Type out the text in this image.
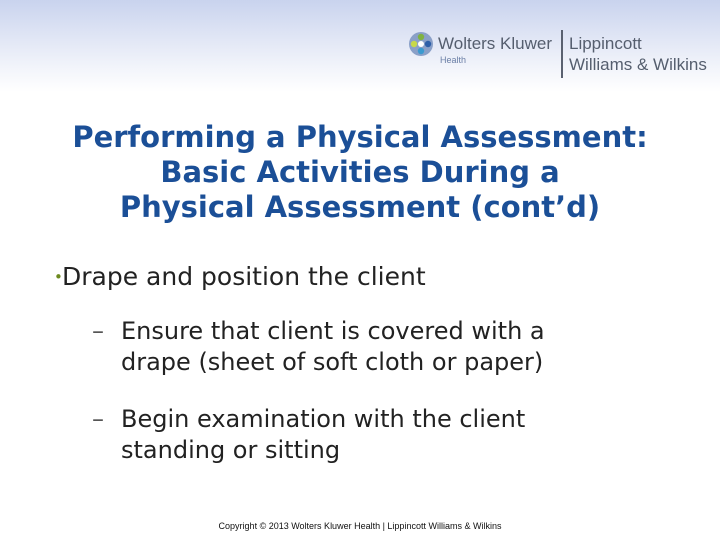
Wolters Kluwer
Health
Lippincott
Williams & Wilkins
Performing a Physical Assessment:
Basic Activities During a
Physical Assessment (cont’d)
• Drape and position the client
– Ensure that client is covered with a
drape (sheet of soft cloth or paper)
– Begin examination with the client
standing or sitting
Copyright © 2013 Wolters Kluwer Health | Lippincott Williams & Wilkins
